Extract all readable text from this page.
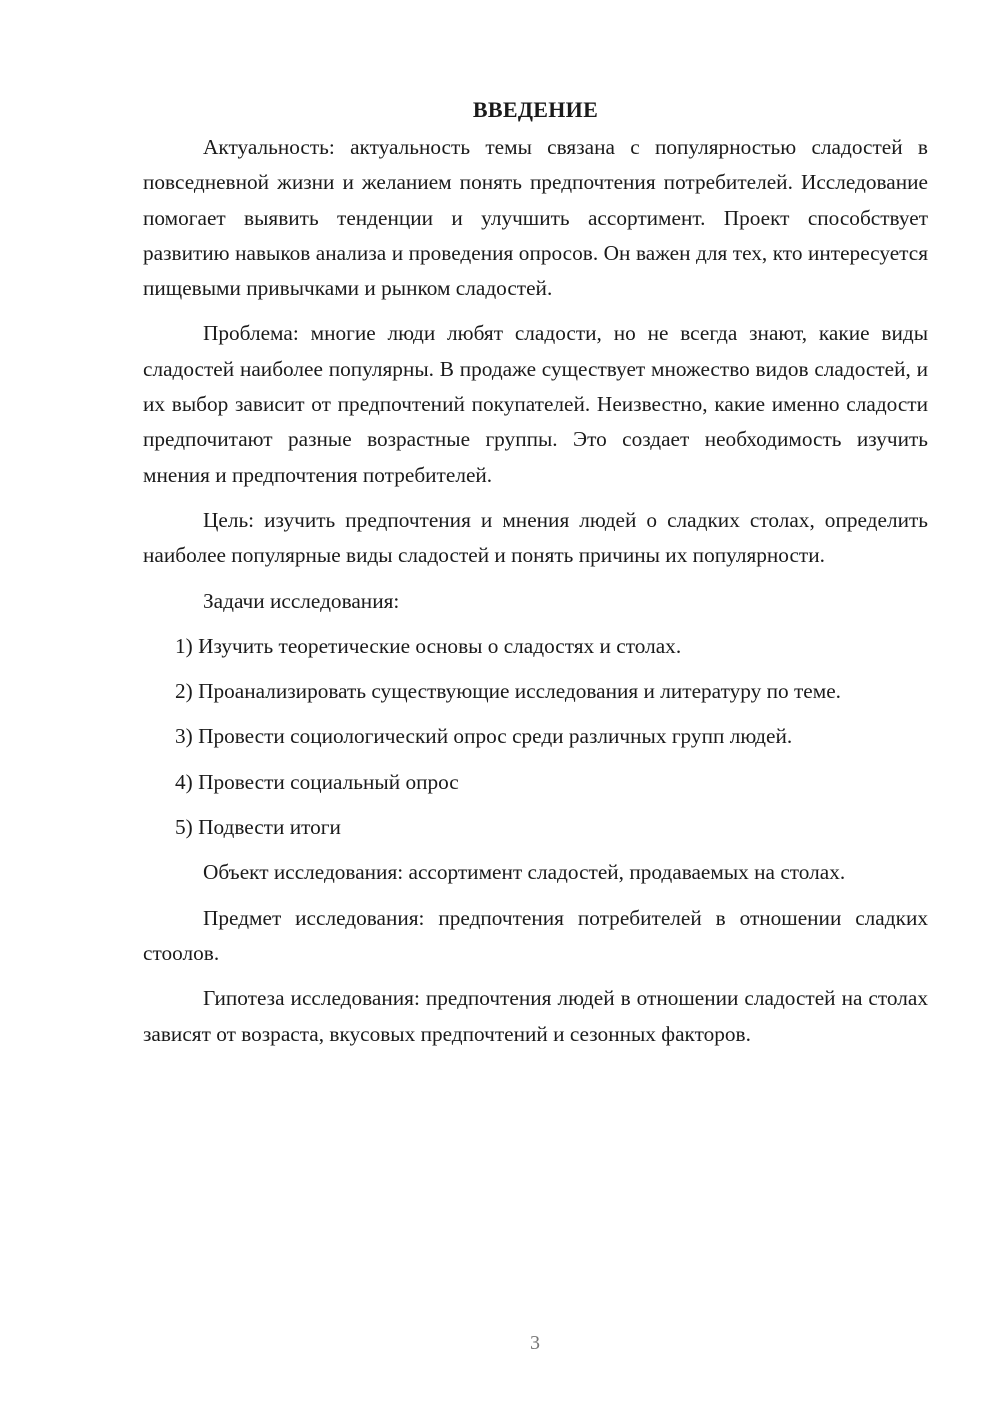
ВВЕДЕНИЕ

Актуальность: актуальность темы связана с популярностью сладостей в повседневной жизни и желанием понять предпочтения потребителей. Исследование помогает выявить тенденции и улучшить ассортимент. Проект способствует развитию навыков анализа и проведения опросов. Он важен для тех, кто интересуется пищевыми привычками и рынком сладостей.

Проблема: многие люди любят сладости, но не всегда знают, какие виды сладостей наиболее популярны. В продаже существует множество видов сладостей, и их выбор зависит от предпочтений покупателей. Неизвестно, какие именно сладости предпочитают разные возрастные группы. Это создает необходимость изучить мнения и предпочтения потребителей.

Цель: изучить предпочтения и мнения людей о сладких столах, определить наиболее популярные виды сладостей и понять причины их популярности.

Задачи исследования:

1) Изучить теоретические основы о сладостях и столах.

2) Проанализировать существующие исследования и литературу по теме.

3) Провести социологический опрос среди различных групп людей.

4) Провести социальный опрос

5) Подвести итоги

Объект исследования: ассортимент сладостей, продаваемых на столах.

Предмет исследования: предпочтения потребителей в отношении сладких стоолов.

Гипотеза исследования: предпочтения людей в отношении сладостей на столах зависят от возраста, вкусовых предпочтений и сезонных факторов.

3
